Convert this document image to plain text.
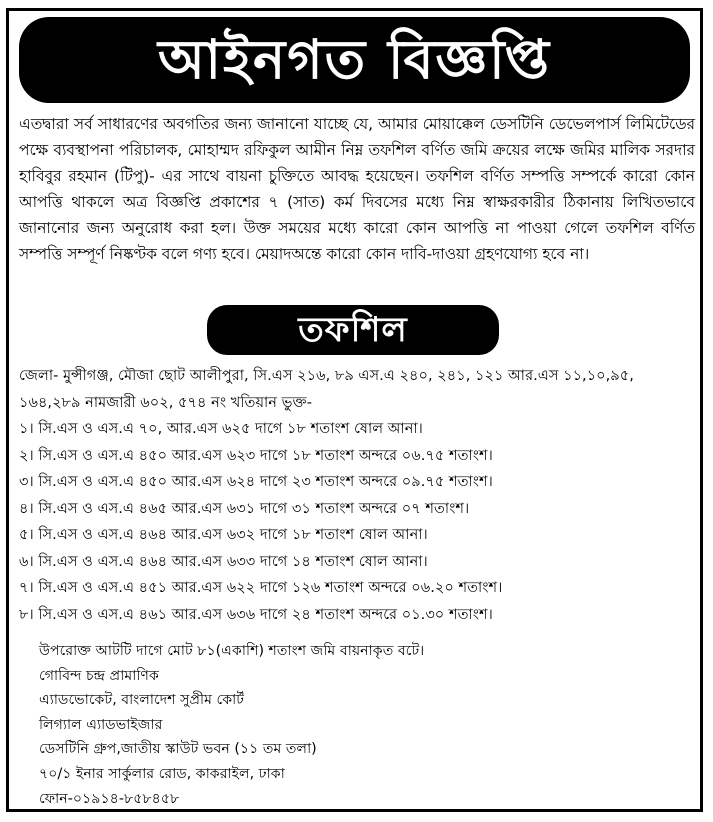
আইনগত বিজ্ঞপ্তি
এতদ্বারা সর্ব সাধারণের অবগতির জন্য জানানো যাচ্ছে যে, আমার মোয়াক্কেল ডেসটিনি ডেভেলপার্স লিমিটেডের পক্ষে ব্যবস্থাপনা পরিচালক, মোহাম্মদ রফিকুল আমীন নিম্ন তফশিল বর্ণিত জমি ক্রয়ের লক্ষে জমির মালিক সরদার হাবিবুর রহমান (টিপু)- এর সাথে বায়না চুক্তিতে আবদ্ধ হয়েছেন। তফশিল বর্ণিত সম্পত্তি সম্পর্কে কারো কোন আপত্তি থাকলে অত্র বিজ্ঞপ্তি প্রকাশের ৭ (সাত) কর্ম দিবসের মধ্যে নিম্ন স্বাক্ষরকারীর ঠিকানায় লিখিতভাবে জানানোর জন্য অনুরোধ করা হল। উক্ত সময়ের মধ্যে কারো কোন আপত্তি না পাওয়া গেলে তফশিল বর্ণিত সম্পত্তি সম্পূর্ণ নিষ্কণ্টক বলে গণ্য হবে। মেয়াদঅন্তে কারো কোন দাবি-দাওয়া গ্রহণযোগ্য হবে না।
তফশিল

জেলা- মুন্সীগঞ্জ, মৌজা ছোট আলীপুরা, সি.এস ২১৬, ৮৯ এস.এ ২৪০, ২৪১, ১২১ আর.এস ১১,১০,৯৫, ১৬৪,২৮৯ নামজারী ৬০২, ৫৭৪ নং খতিয়ান ভুক্ত-

১। সি.এস ও এস.এ ৭০, আর.এস ৬২৫ দাগে ১৮ শতাংশ ষোল আনা।

২। সি.এস ও এস.এ ৪৫০ আর.এস ৬২৩ দাগে ১৮ শতাংশ অন্দরে ০৬.৭৫ শতাংশ।

৩। সি.এস ও এস.এ ৪৫০ আর.এস ৬২৪ দাগে ২৩ শতাংশ অন্দরে ০৯.৭৫ শতাংশ।

৪। সি.এস ও এস.এ ৪৬৫ আর.এস ৬৩১ দাগে ৩১ শতাংশ অন্দরে ০৭ শতাংশ।

৫। সি.এস ও এস.এ ৪৬৪ আর.এস ৬৩২ দাগে ১৮ শতাংশ ষোল আনা।

৬। সি.এস ও এস.এ ৪৬৪ আর.এস ৬৩৩ দাগে ১৪ শতাংশ ষোল আনা।

৭। সি.এস ও এস.এ ৪৫১ আর.এস ৬২২ দাগে ১২৬ শতাংশ অন্দরে ০৬.২০ শতাংশ।

৮। সি.এস ও এস.এ ৪৬১ আর.এস ৬৩৬ দাগে ২৪ শতাংশ অন্দরে ০১.৩০ শতাংশ।

উপরোক্ত আটটি দাগে মোট ৮১(একাশি) শতাংশ জমি বায়নাকৃত বটে।

গোবিন্দ চন্দ্র প্রামাণিক

এ্যাডভোকেট, বাংলাদেশ সুপ্রীম কোর্ট

লিগ্যাল এ্যাডভাইজার

ডেসটিনি গ্রুপ,জাতীয় স্কাউট ভবন (১১ তম তলা)

৭০/১ ইনার সার্কুলার রোড, কাকরাইল, ঢাকা

ফোন-০১৯১৪-৮৫৮৪৫৮
